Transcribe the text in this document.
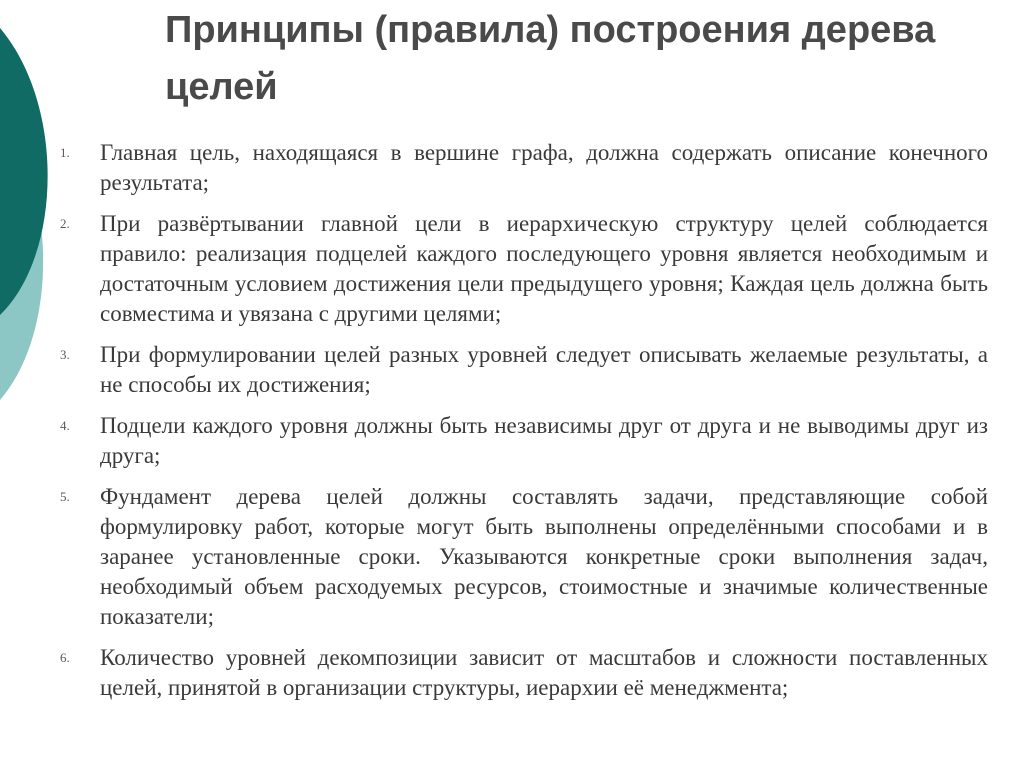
Принципы (правила) построения дерева целей
1.	Главная цель, находящаяся в вершине графа, должна содержать описание конечного результата;
2.	При развёртывании главной цели в иерархическую структуру целей соблюдается правило: реализация подцелей каждого последующего уровня является необходимым и достаточным условием достижения цели предыдущего уровня; Каждая цель должна быть совместима и увязана с другими целями;
3.	При формулировании целей разных уровней следует описывать желаемые результаты, а не способы их достижения;
4.	Подцели каждого уровня должны быть независимы друг от друга и не выводимы друг из друга;
5.	Фундамент дерева целей должны составлять задачи, представляющие собой формулировку работ, которые могут быть выполнены определёнными способами и в заранее установленные сроки. Указываются конкретные сроки выполнения задач, необходимый объем расходуемых ресурсов, стоимостные и значимые количественные показатели;
6.	Количество уровней декомпозиции зависит от масштабов и сложности поставленных целей, принятой в организации структуры, иерархии её менеджмента;
